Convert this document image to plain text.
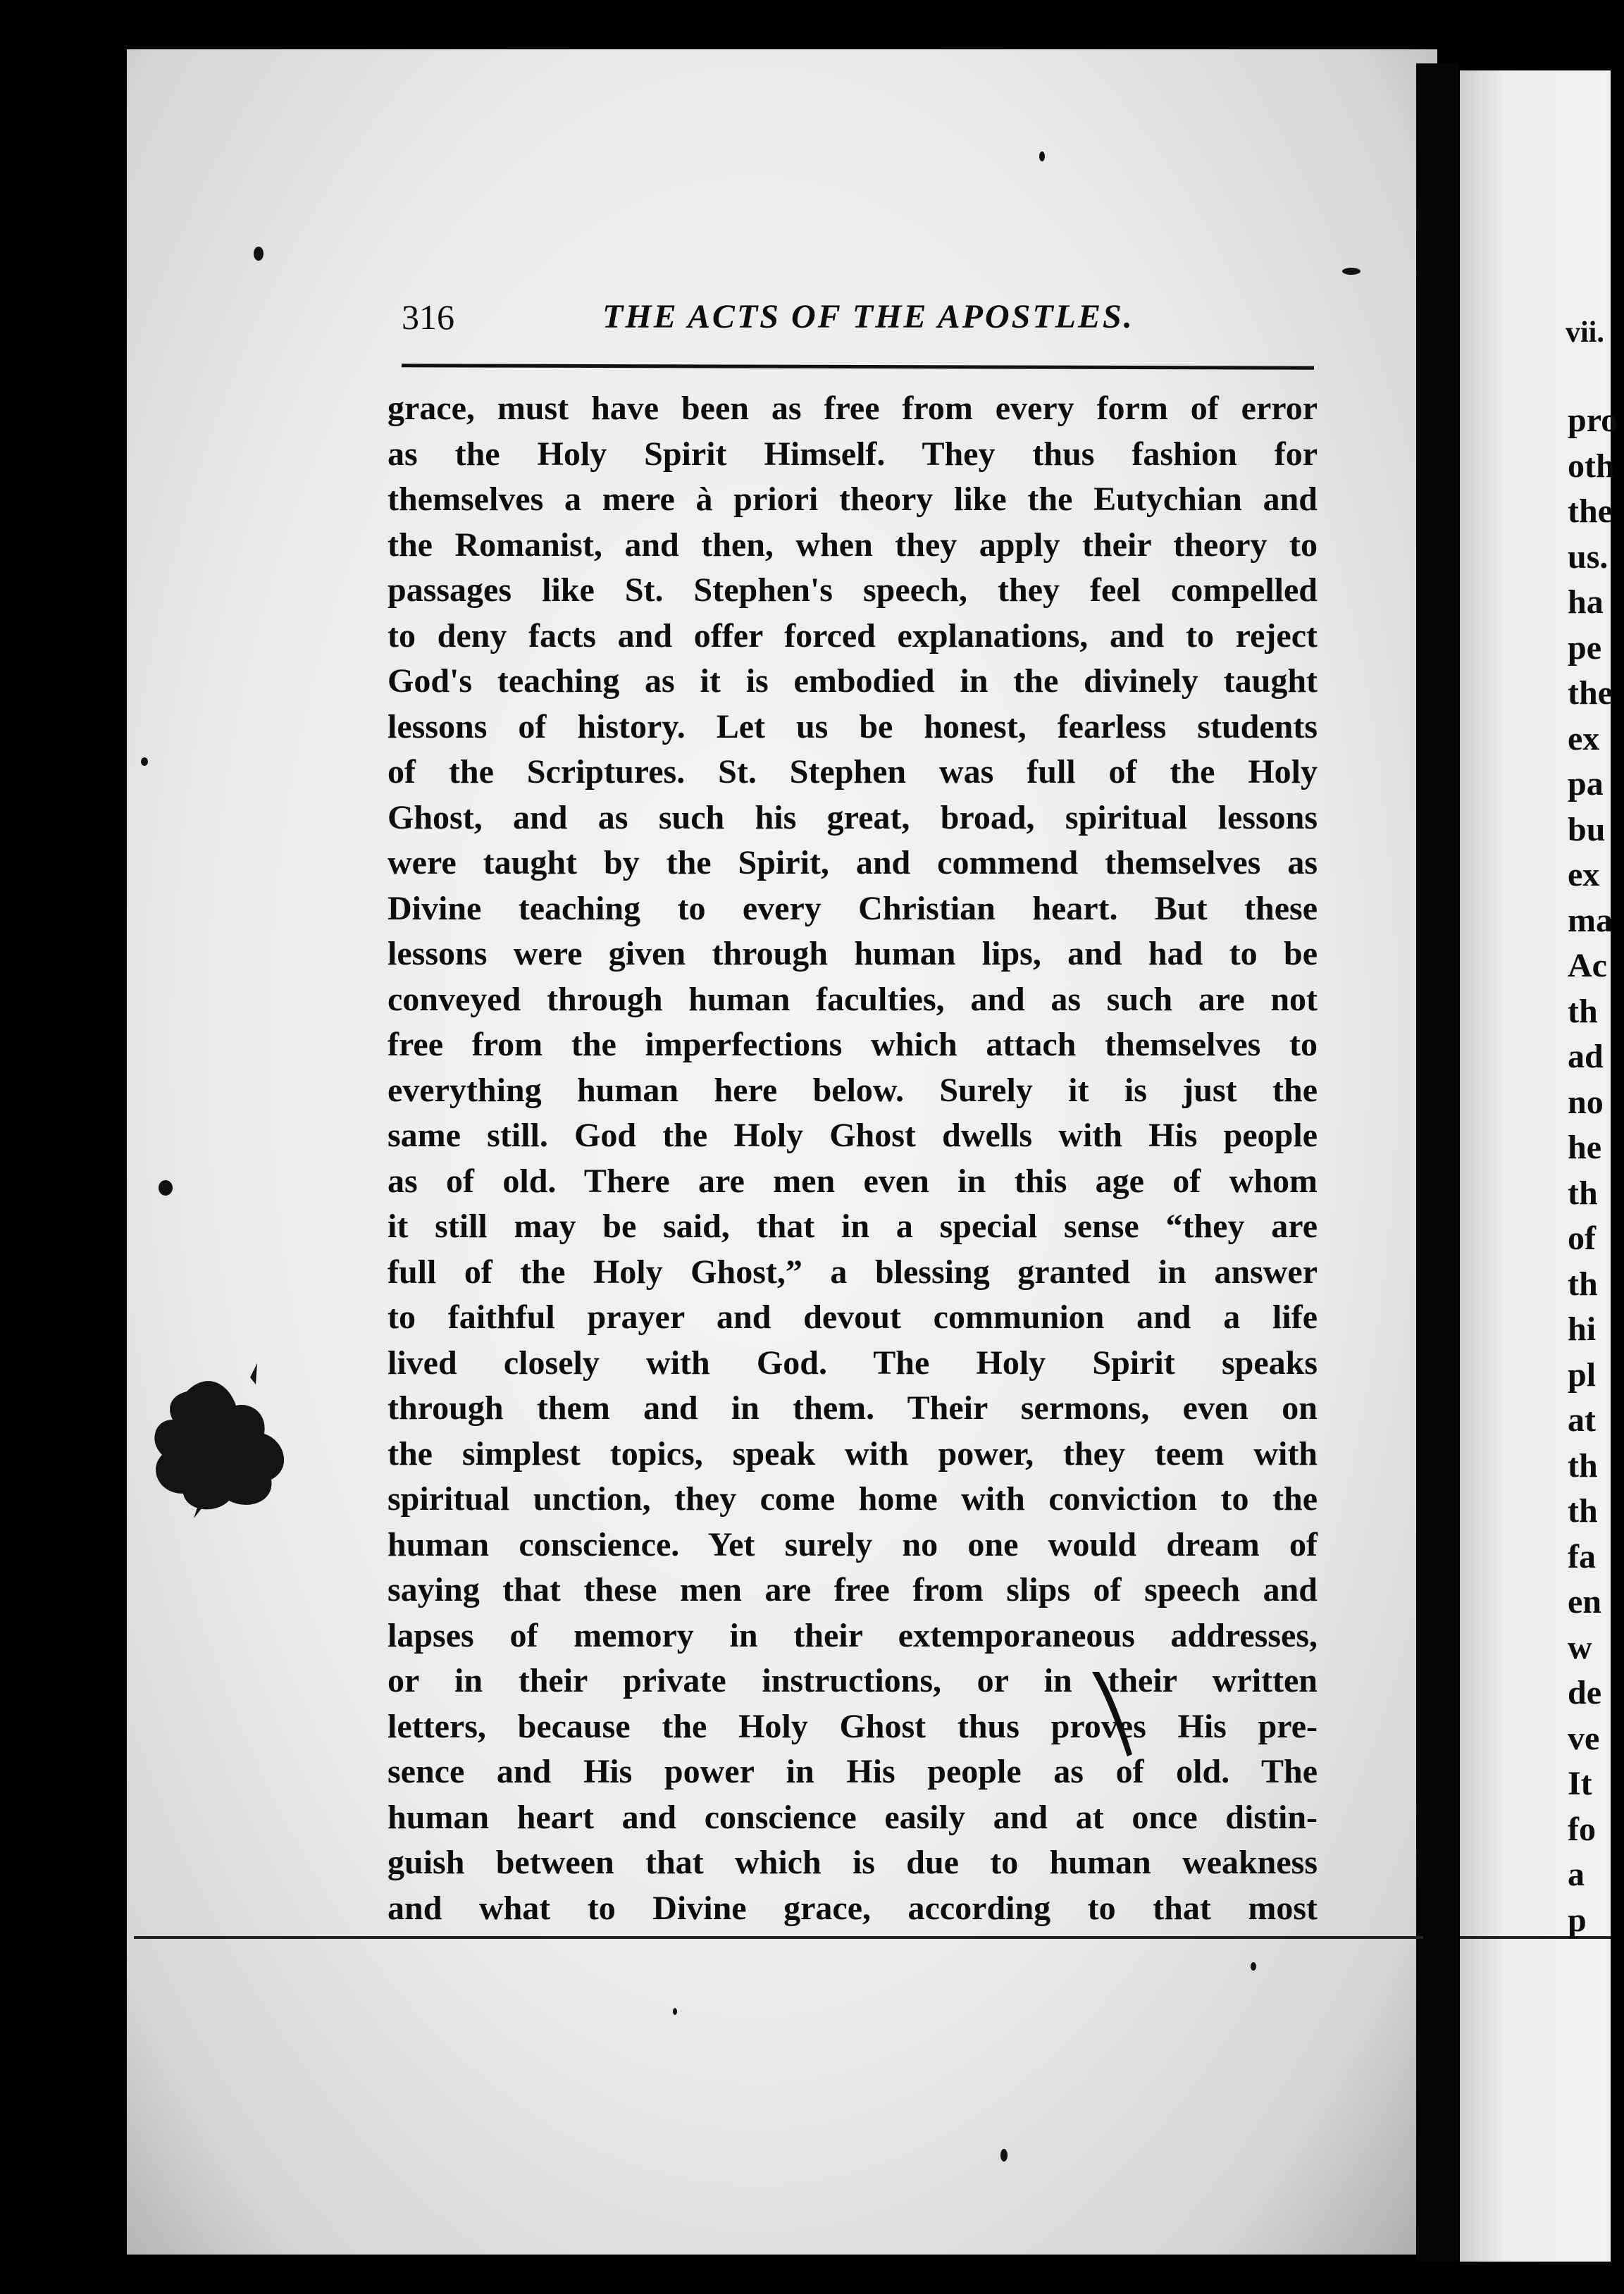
316	THE ACTS OF THE APOSTLES.
grace, must have been as free from every form of error
as the Holy Spirit Himself. They thus fashion for
themselves a mere à priori theory like the Eutychian and
the Romanist, and then, when they apply their theory to
passages like St. Stephen's speech, they feel compelled
to deny facts and offer forced explanations, and to reject
God's teaching as it is embodied in the divinely taught
lessons of history. Let us be honest, fearless students
of the Scriptures. St. Stephen was full of the Holy
Ghost, and as such his great, broad, spiritual lessons
were taught by the Spirit, and commend themselves as
Divine teaching to every Christian heart. But these
lessons were given through human lips, and had to be
conveyed through human faculties, and as such are not
free from the imperfections which attach themselves to
everything human here below. Surely it is just the
same still. God the Holy Ghost dwells with His people
as of old. There are men even in this age of whom
it still may be said, that in a special sense “they are
full of the Holy Ghost,” a blessing granted in answer
to faithful prayer and devout communion and a life
lived closely with God. The Holy Spirit speaks
through them and in them. Their sermons, even on
the simplest topics, speak with power, they teem with
spiritual unction, they come home with conviction to the
human conscience. Yet surely no one would dream of
saying that these men are free from slips of speech and
lapses of memory in their extemporaneous addresses,
or in their private instructions, or in their written
letters, because the Holy Ghost thus proves His pre-
sence and His power in His people as of old. The
human heart and conscience easily and at once distin-
guish between that which is due to human weakness
and what to Divine grace, according to that most
vii.
pro
oth
the
us.
ha
pe
the
ex
pa
bu
ex
ma
Ac
th
ad
no
he
th
of
th
hi
pl
at
th
th
fa
en
w
de
ve
It
fo
a
p
